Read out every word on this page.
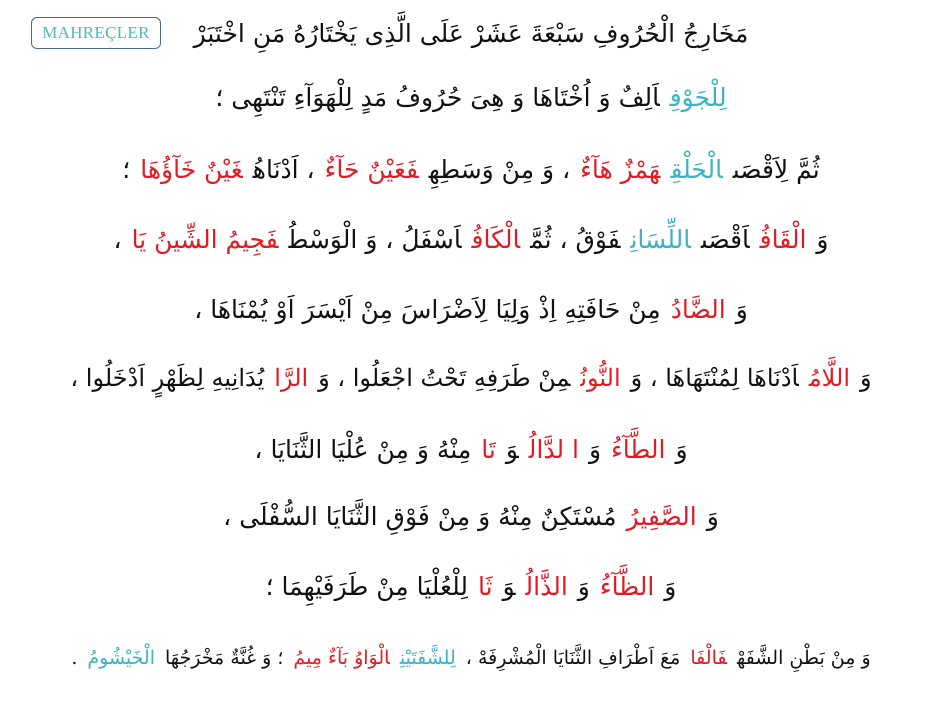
MAHREÇLER	مَخَارِجُ الْحُرُوفِ سَبْعَةَ عَشَرْ عَلَى الَّذِى يَخْتَارُهُ مَنِ اخْتَبَرْ
لِلْجَوْفِاَلِفٌ وَ اُخْتَاهَا وَ هِىَ حُرُوفُ مَدٍ لِلْهَوَآءِ تَنْتَهِى ؛
ثُمَّ لِاَقْصَىالْحَلْقِهَمْزٌ هَآءٌ، وَ مِنْ وَسَطِهِفَعَيْنٌ حَآءٌ، اَدْنَاهُغَيْنٌ خَآؤُهَا؛
وَالْقَافُاَقْصَىاللِّسَانِفَوْقُ ، ثُمَّالْكَافُاَسْفَلُ ، وَ الْوَسْطُفَجِيمُ الشِّينُ يَا،
وَالضَّادُمِنْ حَافَتِهِ اِذْ وَلِيَا لِاَضْرَاسَ مِنْ اَيْسَرَ اَوْ يُمْنَاهَا ،
وَاللَّامُاَدْنَاهَا لِمُنْتَهَاهَا ، وَالنُّونُمِنْ طَرَفِهِ تَحْتُ اجْعَلُوا ، وَالرَّايُدَانِيهِ لِظَهْرٍ اَدْخَلُوا ،
وَالطَّآءُوَا لدَّالُوَتَامِنْهُ وَ مِنْ عُلْيَا الثَّنَايَا ،
وَالصَّفِيرُمُسْتَكِنٌ مِنْهُ وَ مِنْ فَوْقِ الثَّنَايَا السُّفْلَى ،
وَالظَّآءُوَالذَّالُوَثَالِلْعُلْيَا مِنْ طَرَفَيْهِمَا ؛
وَ مِنْ بَطْنِ الشَّفَهْفَالْفَامَعَ اَطْرَافِ الثَّنَايَا الْمُشْرِفَهْ ،لِلشَّفَتَيْنِالْوَاوُ بَآءٌ مِيمُ؛ وَ غُنَّةٌ مَخْرَجُهَاالْخَيْشُومُ.
